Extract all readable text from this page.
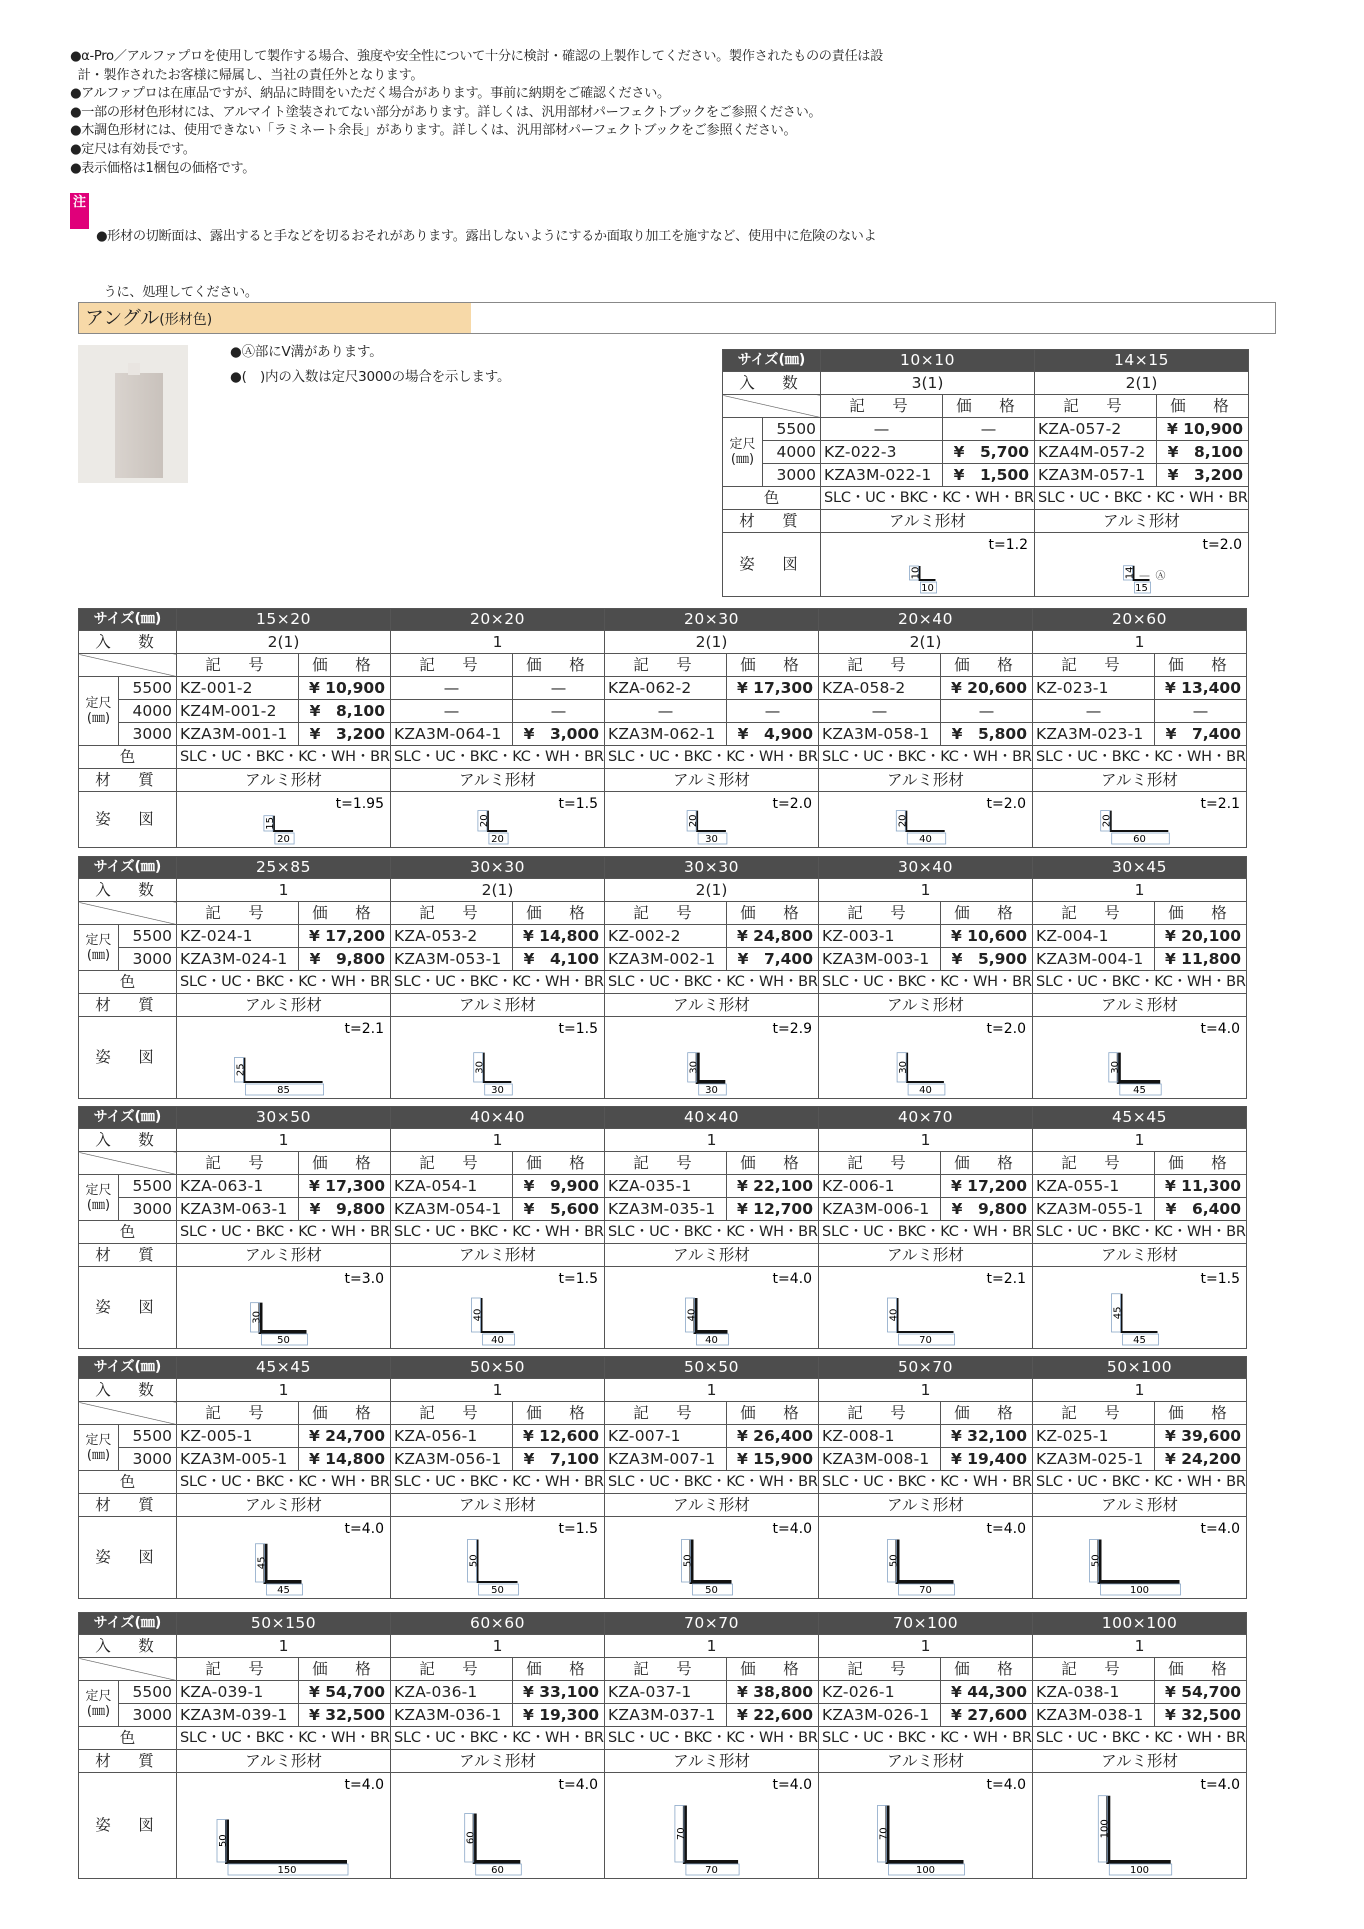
●α-Pro／アルファプロを使用して製作する場合、強度や安全性について十分に検討・確認の上製作してください。製作されたものの責任は設
計・製作されたお客様に帰属し、当社の責任外となります。
●アルファプロは在庫品ですが、納品に時間をいただく場合があります。事前に納期をご確認ください。
●一部の形材色形材には、アルマイト塗装されてない部分があります。詳しくは、汎用部材パーフェクトブックをご参照ください。
●木調色形材には、使用できない「ラミネート余長」があります。詳しくは、汎用部材パーフェクトブックをご参照ください。
●定尺は有効長です。
●表示価格は1梱包の価格です。
注

●形材の切断面は、露出すると手などを切るおそれがあります。露出しないようにするか面取り加工を施すなど、使用中に危険のないよ

うに、処理してください。

アングル(形材色)
●Ⓐ部にV溝があります。
●(　)内の入数は定尺3000の場合を示します。
サイズ(㎜)		10×10		14×15	
入　数		3(1)		2(1)	
		記　号	価　格	記　号	価　格
定尺
(㎜)	5500	—	—	KZA-057-2	¥ 10,900
	4000	KZ-022-3	¥　5,700	KZA4M-057-2	¥　8,100
	3000	KZA3M-022-1	¥　1,500	KZA3M-057-1	¥　3,200
色		SLC・UC・BKC・KC・WH・BR		SLC・UC・BKC・KC・WH・BR	
材　質		アルミ形材		アルミ形材	
姿　図		10
10
t=1.2		14
15
t=2.0
Ⓐ	
サイズ(㎜)		15×20		20×20		20×30		20×40		20×60	
入　数		2(1)		1		2(1)		2(1)		1	
		記　号	価　格	記　号	価　格	記　号	価　格	記　号	価　格	記　号	価　格
定尺
(㎜)	5500	KZ-001-2	¥ 10,900	—	—	KZA-062-2	¥ 17,300	KZA-058-2	¥ 20,600	KZ-023-1	¥ 13,400
	4000	KZ4M-001-2	¥　8,100	—	—	—	—	—	—	—	—
	3000	KZA3M-001-1	¥　3,200	KZA3M-064-1	¥　3,000	KZA3M-062-1	¥　4,900	KZA3M-058-1	¥　5,800	KZA3M-023-1	¥　7,400
色		SLC・UC・BKC・KC・WH・BR		SLC・UC・BKC・KC・WH・BR		SLC・UC・BKC・KC・WH・BR		SLC・UC・BKC・KC・WH・BR		SLC・UC・BKC・KC・WH・BR	
材　質		アルミ形材		アルミ形材		アルミ形材		アルミ形材		アルミ形材	
姿　図		15
20
t=1.95		20
20
t=1.5		20
30
t=2.0		20
40
t=2.0		20
60
t=2.1	
サイズ(㎜)		25×85		30×30		30×30		30×40		30×45	
入　数		1		2(1)		2(1)		1		1	
		記　号	価　格	記　号	価　格	記　号	価　格	記　号	価　格	記　号	価　格
定尺
(㎜)	5500	KZ-024-1	¥ 17,200	KZA-053-2	¥ 14,800	KZ-002-2	¥ 24,800	KZ-003-1	¥ 10,600	KZ-004-1	¥ 20,100
	3000	KZA3M-024-1	¥　9,800	KZA3M-053-1	¥　4,100	KZA3M-002-1	¥　7,400	KZA3M-003-1	¥　5,900	KZA3M-004-1	¥ 11,800
色		SLC・UC・BKC・KC・WH・BR		SLC・UC・BKC・KC・WH・BR		SLC・UC・BKC・KC・WH・BR		SLC・UC・BKC・KC・WH・BR		SLC・UC・BKC・KC・WH・BR	
材　質		アルミ形材		アルミ形材		アルミ形材		アルミ形材		アルミ形材	
姿　図		25
85
t=2.1		30
30
t=1.5		30
30
t=2.9		30
40
t=2.0		30
45
t=4.0	
サイズ(㎜)		30×50		40×40		40×40		40×70		45×45	
入　数		1		1		1		1		1	
		記　号	価　格	記　号	価　格	記　号	価　格	記　号	価　格	記　号	価　格
定尺
(㎜)	5500	KZA-063-1	¥ 17,300	KZA-054-1	¥　9,900	KZA-035-1	¥ 22,100	KZ-006-1	¥ 17,200	KZA-055-1	¥ 11,300
	3000	KZA3M-063-1	¥　9,800	KZA3M-054-1	¥　5,600	KZA3M-035-1	¥ 12,700	KZA3M-006-1	¥　9,800	KZA3M-055-1	¥　6,400
色		SLC・UC・BKC・KC・WH・BR		SLC・UC・BKC・KC・WH・BR		SLC・UC・BKC・KC・WH・BR		SLC・UC・BKC・KC・WH・BR		SLC・UC・BKC・KC・WH・BR	
材　質		アルミ形材		アルミ形材		アルミ形材		アルミ形材		アルミ形材	
姿　図		30
50
t=3.0		40
40
t=1.5		40
40
t=4.0		40
70
t=2.1		45
45
t=1.5	
サイズ(㎜)		45×45		50×50		50×50		50×70		50×100	
入　数		1		1		1		1		1	
		記　号	価　格	記　号	価　格	記　号	価　格	記　号	価　格	記　号	価　格
定尺
(㎜)	5500	KZ-005-1	¥ 24,700	KZA-056-1	¥ 12,600	KZ-007-1	¥ 26,400	KZ-008-1	¥ 32,100	KZ-025-1	¥ 39,600
	3000	KZA3M-005-1	¥ 14,800	KZA3M-056-1	¥　7,100	KZA3M-007-1	¥ 15,900	KZA3M-008-1	¥ 19,400	KZA3M-025-1	¥ 24,200
色		SLC・UC・BKC・KC・WH・BR		SLC・UC・BKC・KC・WH・BR		SLC・UC・BKC・KC・WH・BR		SLC・UC・BKC・KC・WH・BR		SLC・UC・BKC・KC・WH・BR	
材　質		アルミ形材		アルミ形材		アルミ形材		アルミ形材		アルミ形材	
姿　図		45
45
t=4.0		50
50
t=1.5		50
50
t=4.0		50
70
t=4.0		50
100
t=4.0	
サイズ(㎜)		50×150		60×60		70×70		70×100		100×100	
入　数		1		1		1		1		1	
		記　号	価　格	記　号	価　格	記　号	価　格	記　号	価　格	記　号	価　格
定尺
(㎜)	5500	KZA-039-1	¥ 54,700	KZA-036-1	¥ 33,100	KZA-037-1	¥ 38,800	KZ-026-1	¥ 44,300	KZA-038-1	¥ 54,700
	3000	KZA3M-039-1	¥ 32,500	KZA3M-036-1	¥ 19,300	KZA3M-037-1	¥ 22,600	KZA3M-026-1	¥ 27,600	KZA3M-038-1	¥ 32,500
色		SLC・UC・BKC・KC・WH・BR		SLC・UC・BKC・KC・WH・BR		SLC・UC・BKC・KC・WH・BR		SLC・UC・BKC・KC・WH・BR		SLC・UC・BKC・KC・WH・BR	
材　質		アルミ形材		アルミ形材		アルミ形材		アルミ形材		アルミ形材	
姿　図		50
150
t=4.0		60
60
t=4.0		70
70
t=4.0		70
100
t=4.0		100
100
t=4.0	
